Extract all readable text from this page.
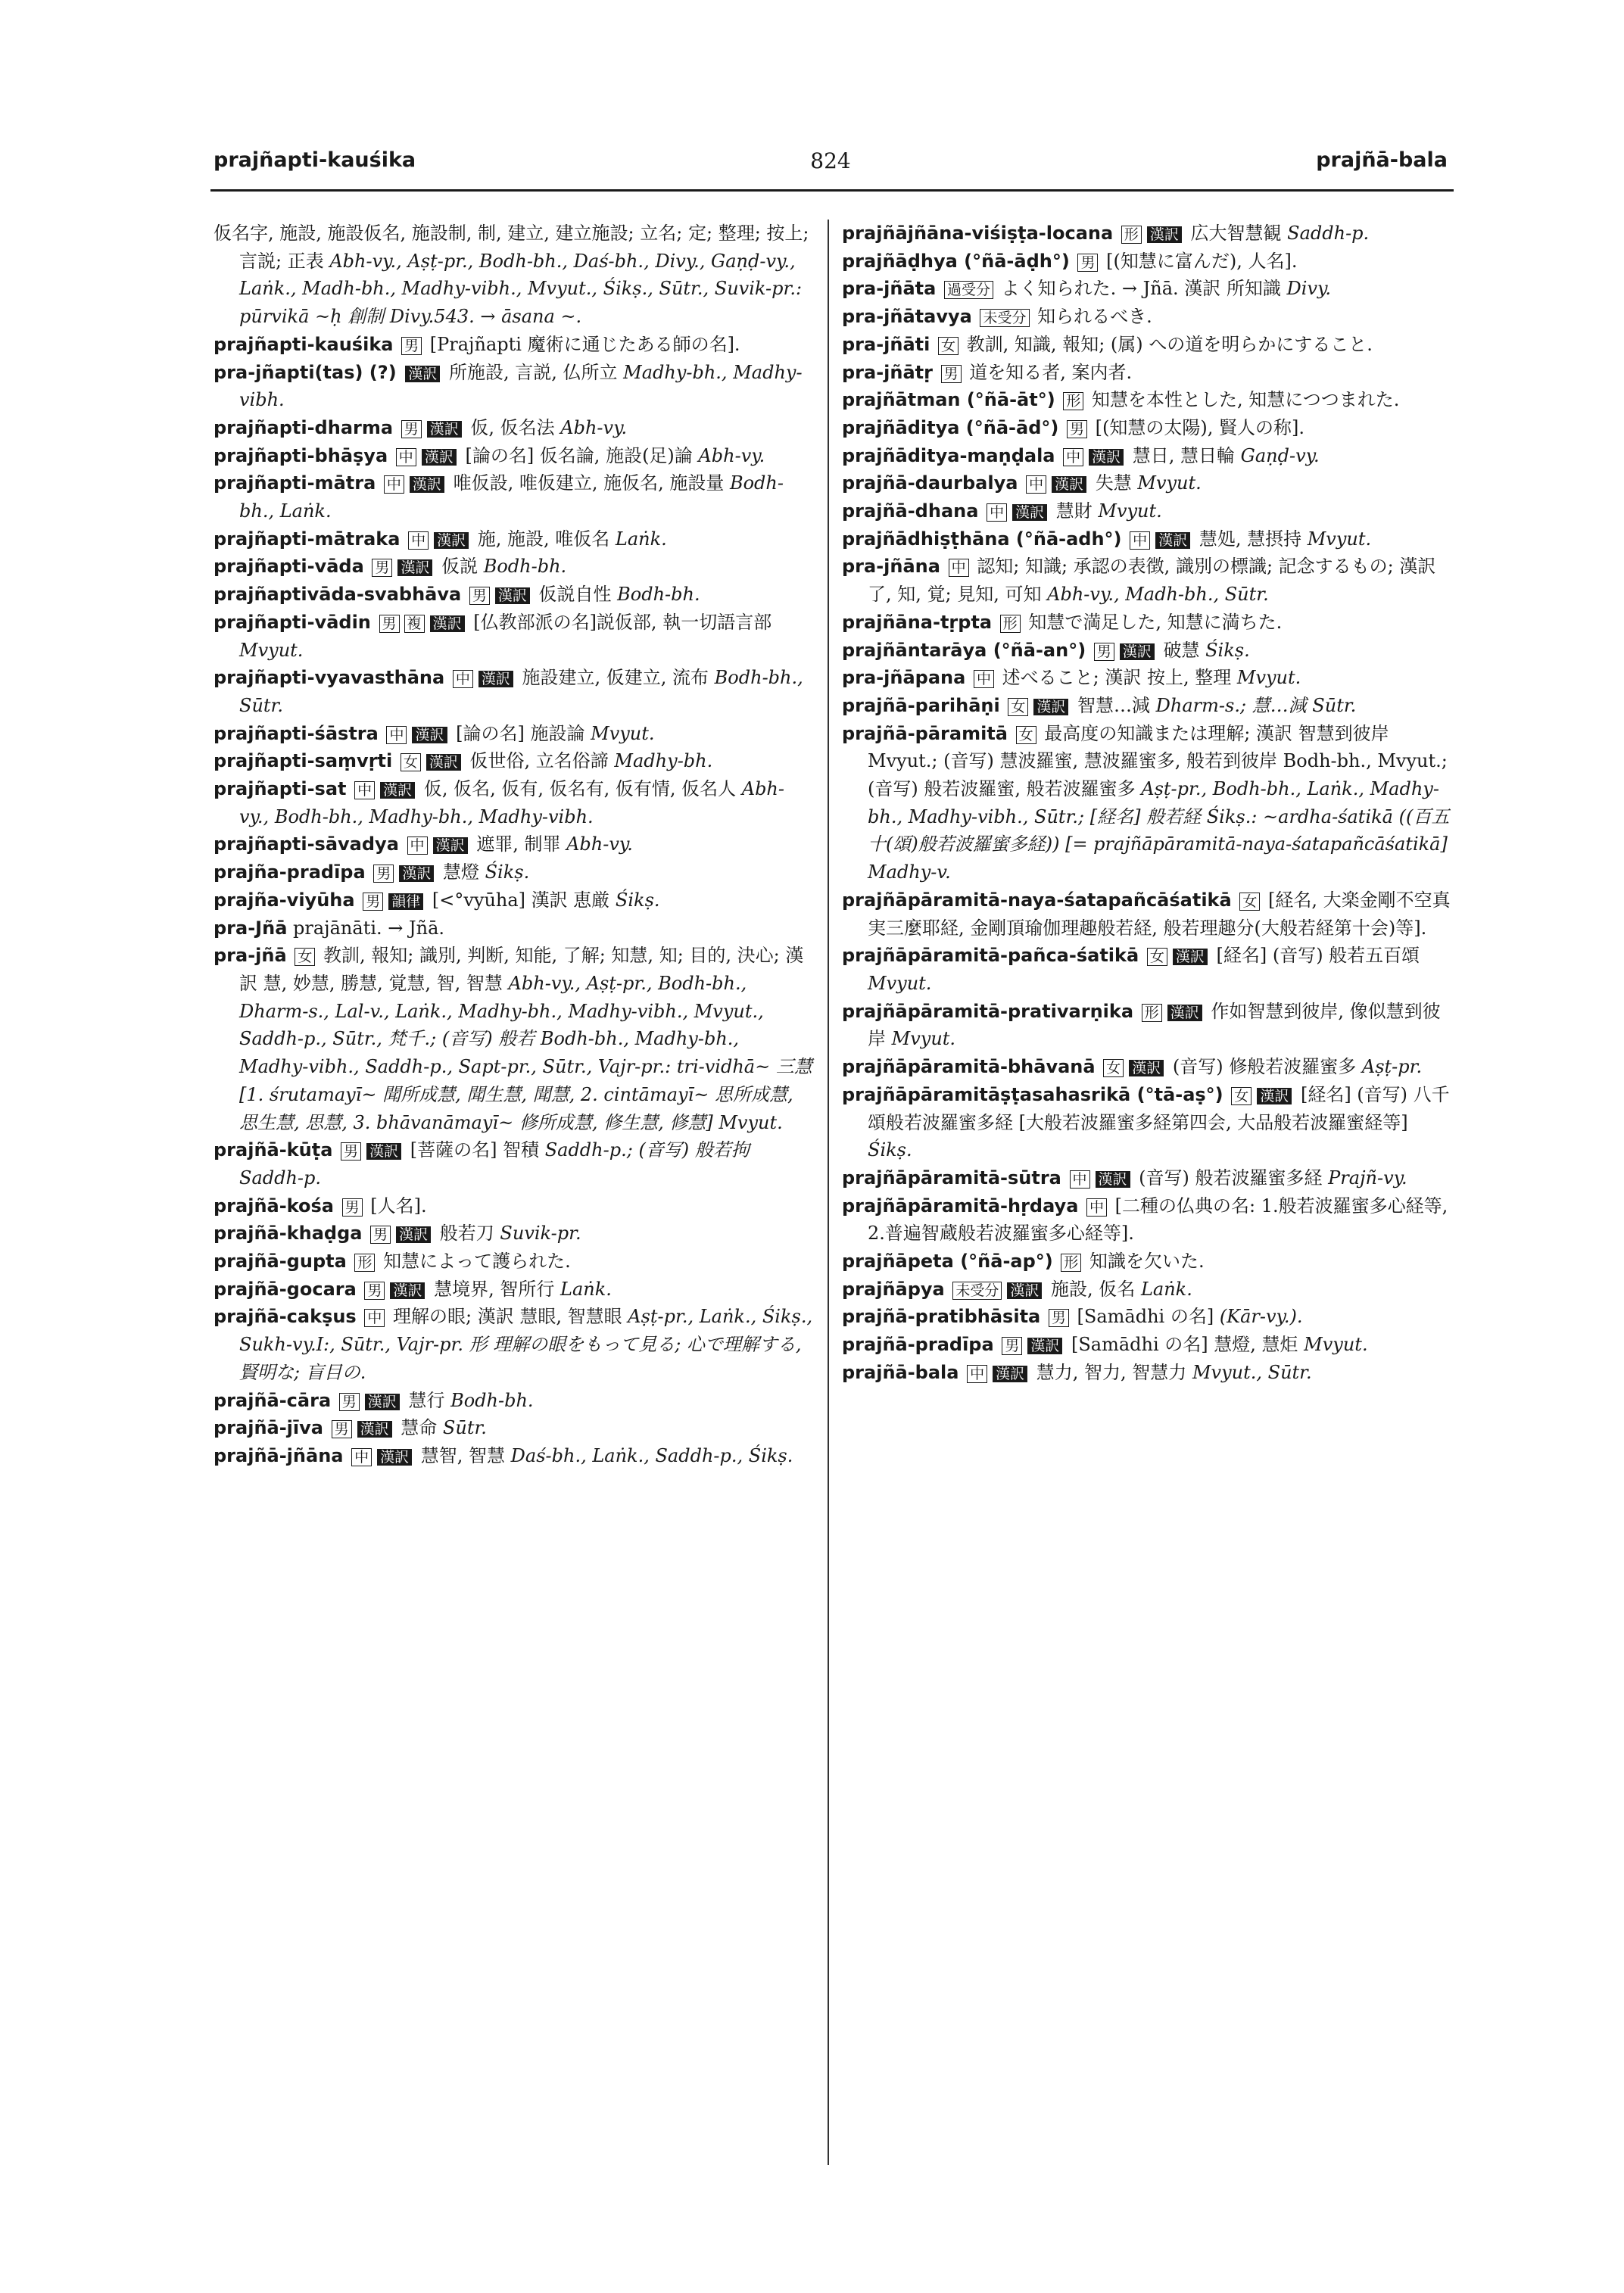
prajñapti-kauśika	824	prajñā-bala

仮名字, 施設, 施設仮名, 施設制, 制, 建立, 建立施設; 立名; 定; 整理; 按上; 言説; 正表 Abh-vy., Aṣṭ-pr., Bodh-bh., Daś-bh., Divy., Gaṇḍ-vy., Laṅk., Madh-bh., Madhy-vibh., Mvyut., Śikṣ., Sūtr., Suvik-pr.: pūrvikā ~ḥ 創制 Divy.543. → āsana ~.

prajñapti-kauśika 男 [Prajñapti 魔術に通じたある師の名].

pra-jñapti(tas) (?) 漢訳 所施設, 言説, 仏所立 Madhy-bh., Madhy-vibh.

prajñapti-dharma 男 漢訳 仮, 仮名法 Abh-vy.

prajñapti-bhāṣya 中 漢訳 [論の名] 仮名論, 施設(足)論 Abh-vy.

prajñapti-mātra 中 漢訳 唯仮設, 唯仮建立, 施仮名, 施設量 Bodh-bh., Laṅk.

prajñapti-mātraka 中 漢訳 施, 施設, 唯仮名 Laṅk.

prajñapti-vāda 男 漢訳 仮説 Bodh-bh.

prajñaptivāda-svabhāva 男 漢訳 仮説自性 Bodh-bh.

prajñapti-vādin 男 複 漢訳 [仏教部派の名]説仮部, 執一切語言部 Mvyut.

prajñapti-vyavasthāna 中 漢訳 施設建立, 仮建立, 流布 Bodh-bh., Sūtr.

prajñapti-śāstra 中 漢訳 [論の名] 施設論 Mvyut.

prajñapti-saṃvṛti 女 漢訳 仮世俗, 立名俗諦 Madhy-bh.

prajñapti-sat 中 漢訳 仮, 仮名, 仮有, 仮名有, 仮有情, 仮名人 Abh-vy., Bodh-bh., Madhy-bh., Madhy-vibh.

prajñapti-sāvadya 中 漢訳 遮罪, 制罪 Abh-vy.

prajña-pradīpa 男 漢訳 慧燈 Śikṣ.

prajña-viyūha 男 韻律 [<°vyūha] 漢訳 恵厳 Śikṣ.

pra-Jñā prajānāti. → Jñā.

pra-jñā 女 教訓, 報知; 識別, 判断, 知能, 了解; 知慧, 知; 目的, 決心; 漢訳 慧, 妙慧, 勝慧, 覚慧, 智, 智慧 Abh-vy., Aṣṭ-pr., Bodh-bh., Dharm-s., Lal-v., Laṅk., Madhy-bh., Madhy-vibh., Mvyut., Saddh-p., Sūtr., 梵千.; (音写) 般若 Bodh-bh., Madhy-bh., Madhy-vibh., Saddh-p., Sapt-pr., Sūtr., Vajr-pr.: tri-vidhā~ 三慧 [1. śrutamayī~ 聞所成慧, 聞生慧, 聞慧, 2. cintāmayī~ 思所成慧, 思生慧, 思慧, 3. bhāvanāmayī~ 修所成慧, 修生慧, 修慧] Mvyut.

prajñā-kūṭa 男 漢訳 [菩薩の名] 智積 Saddh-p.; (音写) 般若拘 Saddh-p.

prajñā-kośa 男 [人名].

prajñā-khaḍga 男 漢訳 般若刀 Suvik-pr.

prajñā-gupta 形 知慧によって護られた.

prajñā-gocara 男 漢訳 慧境界, 智所行 Laṅk.

prajñā-cakṣus 中 理解の眼; 漢訳 慧眼, 智慧眼 Aṣṭ-pr., Laṅk., Śikṣ., Sukh-vy.I:, Sūtr., Vajr-pr. 形 理解の眼をもって見る; 心で理解する, 賢明な; 盲目の.

prajñā-cāra 男 漢訳 慧行 Bodh-bh.

prajñā-jīva 男 漢訳 慧命 Sūtr.

prajñā-jñāna 中 漢訳 慧智, 智慧 Daś-bh., Laṅk., Saddh-p., Śikṣ.

prajñājñāna-viśiṣṭa-locana 形 漢訳 広大智慧観 Saddh-p.

prajñāḍhya (°ñā-āḍh°) 男 [(知慧に富んだ), 人名].

pra-jñāta 過受分 よく知られた. → Jñā. 漢訳 所知識 Divy.

pra-jñātavya 未受分 知られるべき.

pra-jñāti 女 教訓, 知識, 報知; (属) への道を明らかにすること.

pra-jñātṛ 男 道を知る者, 案内者.

prajñātman (°ñā-āt°) 形 知慧を本性とした, 知慧につつまれた.

prajñāditya (°ñā-ād°) 男 [(知慧の太陽), 賢人の称].

prajñāditya-maṇḍala 中 漢訳 慧日, 慧日輪 Gaṇḍ-vy.

prajñā-daurbalya 中 漢訳 失慧 Mvyut.

prajñā-dhana 中 漢訳 慧財 Mvyut.

prajñādhiṣṭhāna (°ñā-adh°) 中 漢訳 慧処, 慧摂持 Mvyut.

pra-jñāna 中 認知; 知識; 承認の表徴, 識別の標識; 記念するもの; 漢訳 了, 知, 覚; 見知, 可知 Abh-vy., Madh-bh., Sūtr.

prajñāna-tṛpta 形 知慧で満足した, 知慧に満ちた.

prajñāntarāya (°ñā-an°) 男 漢訳 破慧 Śikṣ.

pra-jñāpana 中 述べること; 漢訳 按上, 整理 Mvyut.

prajñā-parihāṇi 女 漢訳 智慧…減 Dharm-s.; 慧…減 Sūtr.

prajñā-pāramitā 女 最高度の知識または理解; 漢訳 智慧到彼岸 Mvyut.; (音写) 慧波羅蜜, 慧波羅蜜多, 般若到彼岸 Bodh-bh., Mvyut.; (音写) 般若波羅蜜, 般若波羅蜜多 Aṣṭ-pr., Bodh-bh., Laṅk., Madhy-bh., Madhy-vibh., Sūtr.; [経名] 般若経 Śikṣ.: ~ardha-śatikā ((百五十(頌)般若波羅蜜多経)) [= prajñāpāramitā-naya-śatapañcāśatikā] Madhy-v.

prajñāpāramitā-naya-śatapañcāśatikā 女 [経名, 大楽金剛不空真実三麼耶経, 金剛頂瑜伽理趣般若経, 般若理趣分(大般若経第十会)等].

prajñāpāramitā-pañca-śatikā 女 漢訳 [経名] (音写) 般若五百頌 Mvyut.

prajñāpāramitā-prativarṇika 形 漢訳 作如智慧到彼岸, 像似慧到彼岸 Mvyut.

prajñāpāramitā-bhāvanā 女 漢訳 (音写) 修般若波羅蜜多 Aṣṭ-pr.

prajñāpāramitāṣṭasahasrikā (°tā-aṣ°) 女 漢訳 [経名] (音写) 八千頌般若波羅蜜多経 [大般若波羅蜜多経第四会, 大品般若波羅蜜経等] Śikṣ.

prajñāpāramitā-sūtra 中 漢訳 (音写) 般若波羅蜜多経 Prajñ-vy.

prajñāpāramitā-hṛdaya 中 [二種の仏典の名: 1.般若波羅蜜多心経等, 2.普遍智蔵般若波羅蜜多心経等].

prajñāpeta (°ñā-ap°) 形 知識を欠いた.

prajñāpya 未受分 漢訳 施設, 仮名 Laṅk.

prajñā-pratibhāsita 男 [Samādhi の名] (Kār-vy.).

prajñā-pradīpa 男 漢訳 [Samādhi の名] 慧燈, 慧炬 Mvyut.

prajñā-bala 中 漢訳 慧力, 智力, 智慧力 Mvyut., Sūtr.
